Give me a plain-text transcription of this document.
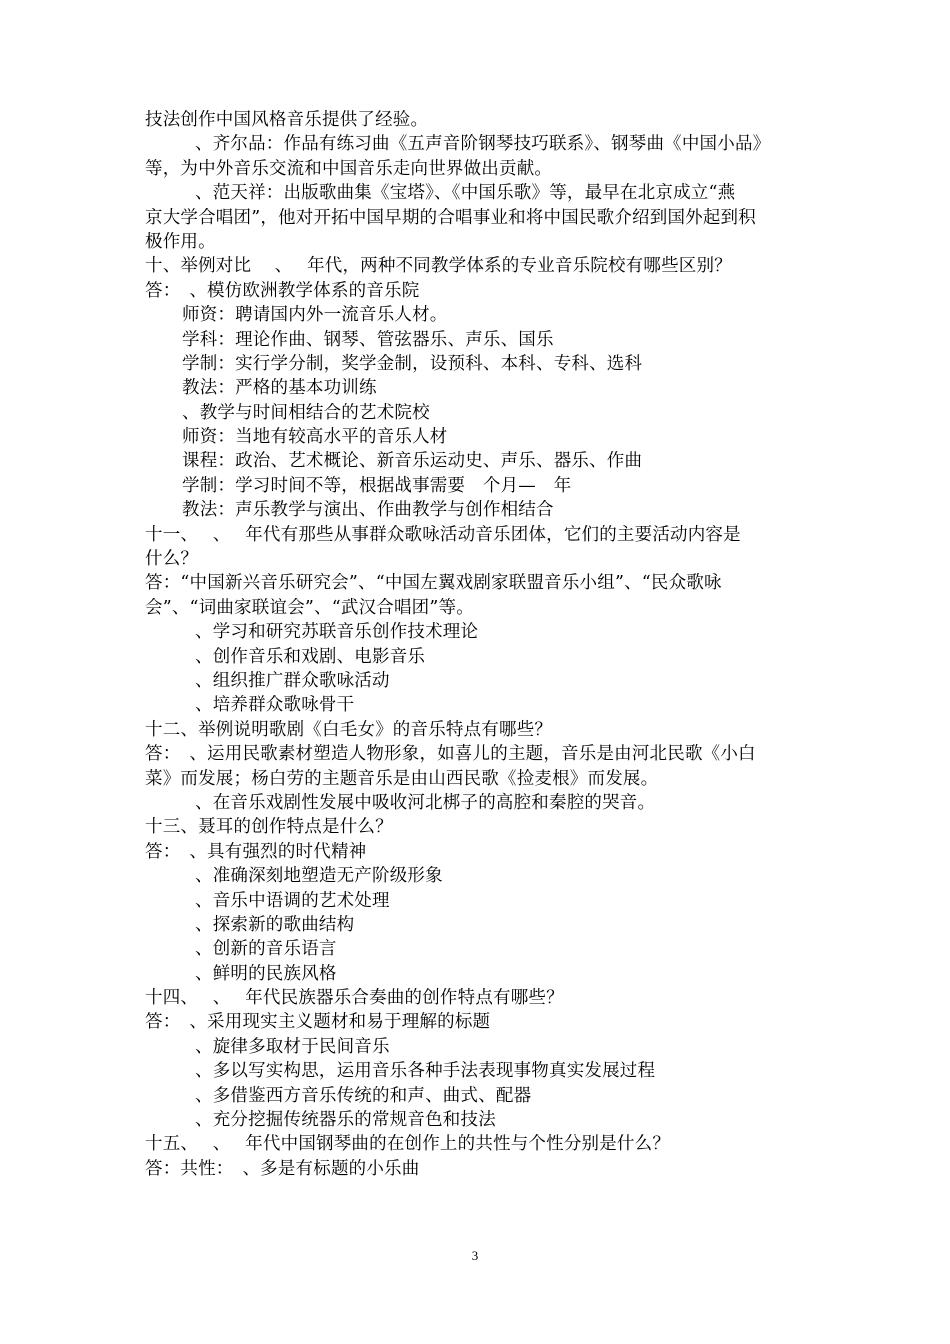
技法创作中国风格音乐提供了经验。
、齐尔品：作品有练习曲《五声音阶钢琴技巧联系》、钢琴曲《中国小品》
等，为中外音乐交流和中国音乐走向世界做出贡献。
、范天祥：出版歌曲集《宝塔》、《中国乐歌》等，最早在北京成立“燕
京大学合唱团”，他对开拓中国早期的合唱事业和将中国民歌介绍到国外起到积
极作用。
十、举例对比　 、　 年代，两种不同教学体系的专业音乐院校有哪些区别？
答：　、模仿欧洲教学体系的音乐院
师资：聘请国内外一流音乐人材。
学科：理论作曲、钢琴、管弦器乐、声乐、国乐
学制：实行学分制，奖学金制，设预科、本科、专科、选科
教法：严格的基本功训练
、教学与时间相结合的艺术院校
师资：当地有较高水平的音乐人材
课程：政治、艺术概论、新音乐运动史、声乐、器乐、作曲
学制：学习时间不等，根据战事需要　个月—　年
教法：声乐教学与演出、作曲教学与创作相结合
十一、　 、　 年代有那些从事群众歌咏活动音乐团体，它们的主要活动内容是
什么？
答：“中国新兴音乐研究会”、“中国左翼戏剧家联盟音乐小组”、“民众歌咏
会”、“词曲家联谊会”、“武汉合唱团”等。
、学习和研究苏联音乐创作技术理论
、创作音乐和戏剧、电影音乐
、组织推广群众歌咏活动
、培养群众歌咏骨干
十二、举例说明歌剧《白毛女》的音乐特点有哪些？
答：　、运用民歌素材塑造人物形象，如喜儿的主题，音乐是由河北民歌《小白
菜》而发展；杨白劳的主题音乐是由山西民歌《捡麦根》而发展。
、在音乐戏剧性发展中吸收河北梆子的高腔和秦腔的哭音。
十三、聂耳的创作特点是什么？
答：　、具有强烈的时代精神
、准确深刻地塑造无产阶级形象
、音乐中语调的艺术处理
、探索新的歌曲结构
、创新的音乐语言
、鲜明的民族风格
十四、　 、　 年代民族器乐合奏曲的创作特点有哪些？
答：　、采用现实主义题材和易于理解的标题
、旋律多取材于民间音乐
、多以写实构思，运用音乐各种手法表现事物真实发展过程
、多借鉴西方音乐传统的和声、曲式、配器
、充分挖掘传统器乐的常规音色和技法
十五、　 、　 年代中国钢琴曲的在创作上的共性与个性分别是什么？
答：共性：　、多是有标题的小乐曲
3
